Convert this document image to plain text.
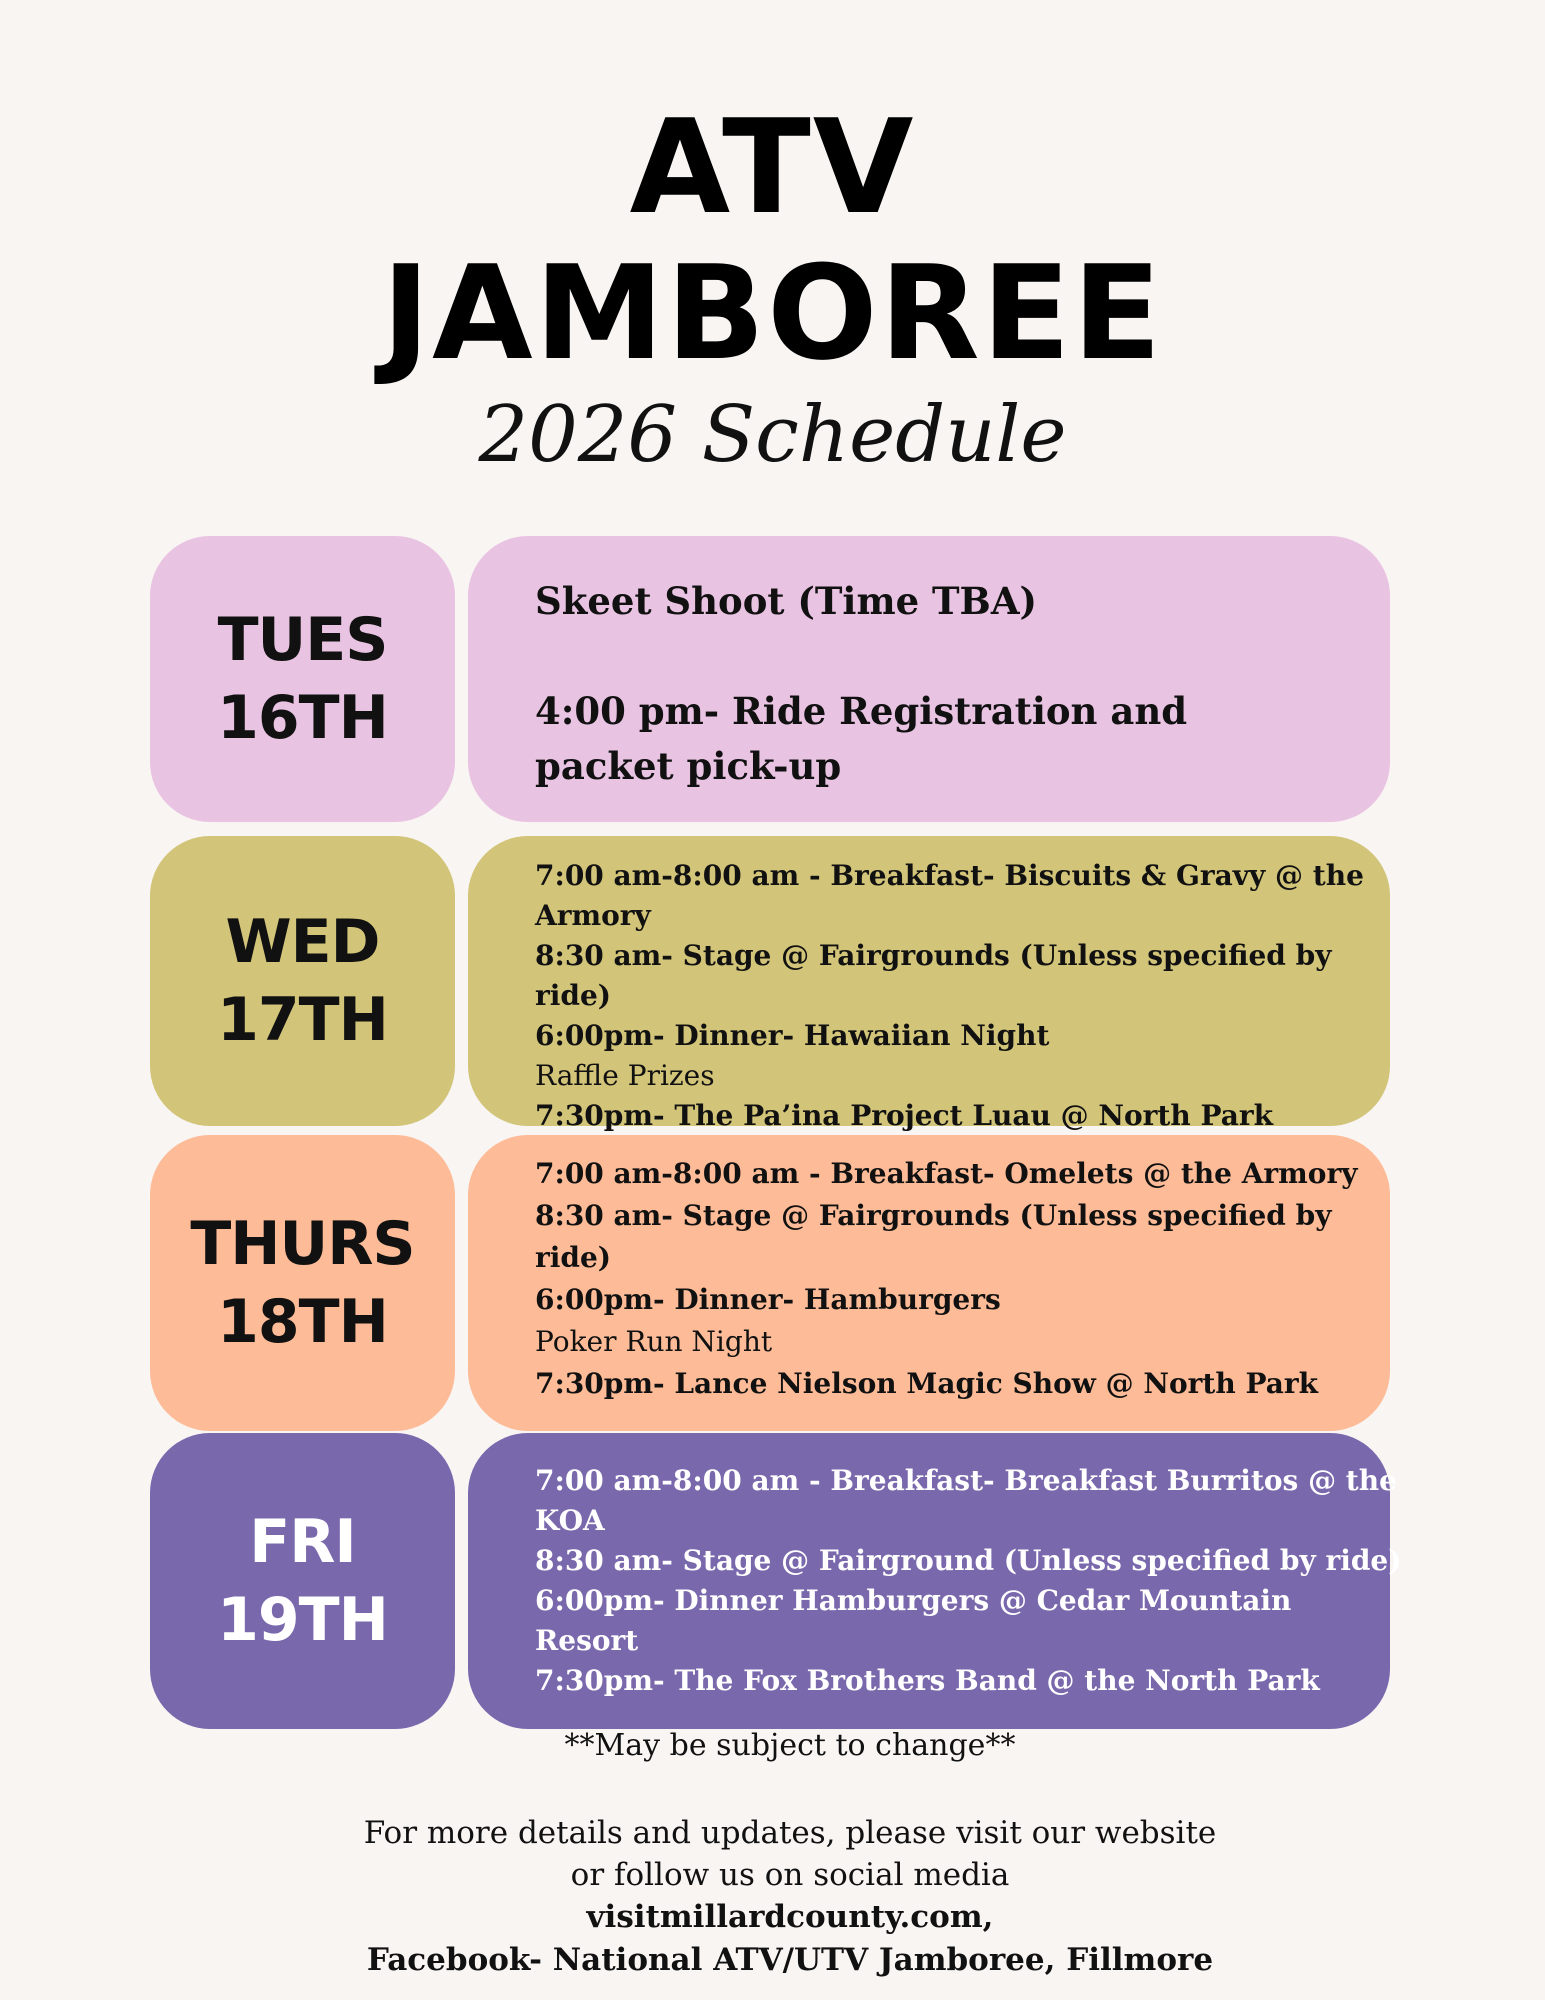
ATV
JAMBOREE
2026 Schedule
TUES
16TH
Skeet Shoot (Time TBA)
4:00 pm- Ride Registration and
packet pick-up
WED
17TH
7:00 am-8:00 am - Breakfast- Biscuits & Gravy @ the
Armory
8:30 am- Stage @ Fairgrounds (Unless specified by
ride)
6:00pm- Dinner- Hawaiian Night
Raffle Prizes
7:30pm- The Pa’ina Project Luau @ North Park
THURS
18TH
7:00 am-8:00 am - Breakfast- Omelets @ the Armory
8:30 am- Stage @ Fairgrounds (Unless specified by
ride)
6:00pm- Dinner- Hamburgers
Poker Run Night
7:30pm- Lance Nielson Magic Show @ North Park
FRI
19TH
7:00 am-8:00 am - Breakfast- Breakfast Burritos @ the
KOA
8:30 am- Stage @ Fairground (Unless specified by ride)
6:00pm- Dinner Hamburgers @ Cedar Mountain
Resort
7:30pm- The Fox Brothers Band @ the North Park
**May be subject to change**
For more details and updates, please visit our website
or follow us on social media
visitmillardcounty.com,
Facebook- National ATV/UTV Jamboree, Fillmore
